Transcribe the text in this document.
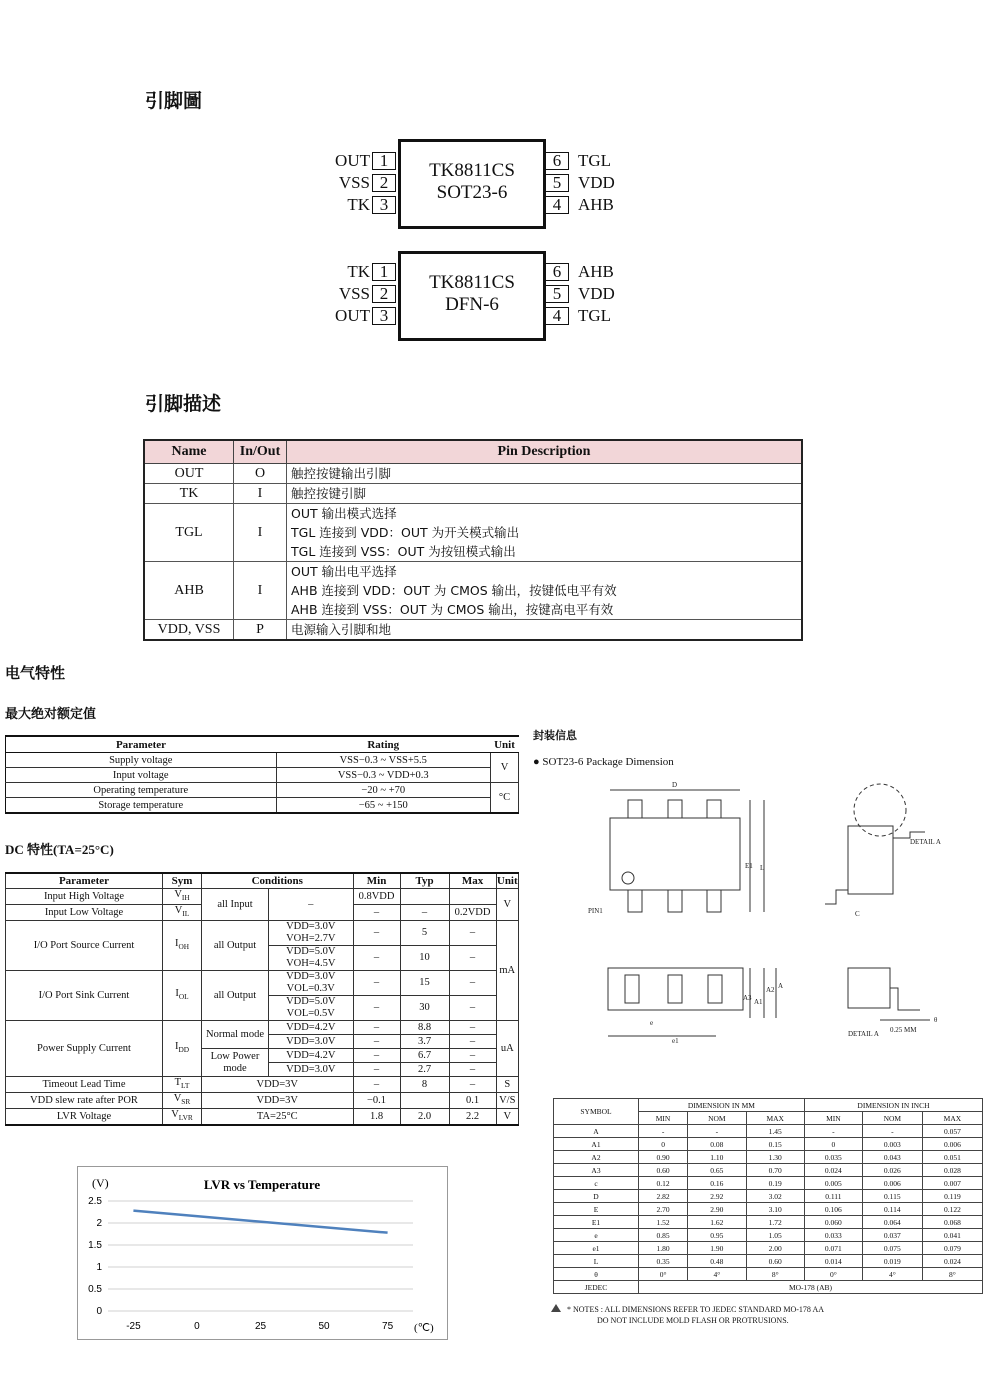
引脚圖
引脚描述
电气特性
最大绝对额定值
DC 特性(TA=25°C)
封装信息
● SOT23-6 Package Dimension
TK8811CS
SOT23-6
OUT
VSS
TK
1
2
3
6
5
4
TGL
VDD
AHB
TK8811CS
DFN-6
TK
VSS
OUT
1
2
3
6
5
4
AHB
VDD
TGL
Name	In/Out	Pin Description
OUT	O	触控按键输出引脚
TK	I	触控按键引脚
TGL	I	OUT 输出模式选择
TGL 连接到 VDD：OUT 为开关模式输出
TGL 连接到 VSS：OUT 为按钮模式输出

AHB	I	OUT 输出电平选择
AHB 连接到 VDD：OUT 为 CMOS 输出，按键低电平有效
AHB 连接到 VSS：OUT 为 CMOS 输出，按键高电平有效

VDD, VSS	P	电源输入引脚和地
Parameter	Rating	Unit
Supply voltage	VSS−0.3 ~ VSS+5.5	V
Input voltage	VSS−0.3 ~ VDD+0.3	
Operating temperature	−20 ~ +70	°C
Storage temperature	−65 ~ +150	
Parameter	Sym	Conditions		Min	Typ	Max	Unit
Input High Voltage	$V_{IH}$	all Input	–	0.8VDD			V
Input Low Voltage	$V_{IL}$			–	–	0.2VDD	
I/O Port Source Current	$I_{OH}$	all Output	VDD=3.0V
VOH=2.7V	–	5	–	mA

			VDD=5.0V
VOH=4.5V	–	10	–	
I/O Port Sink Current	$I_{OL}$	all Output	VDD=3.0V
VOL=0.3V	–	15	–	

			VDD=5.0V
VOL=0.5V	–	30	–	
Power Supply Current	$I_{DD}$	Normal mode	VDD=4.2V	–	8.8	–	uA
			VDD=3.0V	–	3.7	–	
		Low Power mode	VDD=4.2V	–	6.7	–	
			VDD=3.0V	–	2.7	–	
Timeout Lead Time	$T_{LT}$	VDD=3V		–	8	–	S
VDD slew rate after POR	$V_{SR}$	VDD=3V		−0.1		0.1	V/S
LVR Voltage	$V_{LVR}$	TA=25°C		1.8	2.0	2.2	V
(V)	LVR vs Temperature
0
0.5
1
1.5
2
2.5
-25	0	25	50	75 (℃)
D
E1 L
PIN1
DETAIL A
C
A
A1
A2
A3
e
e1
DETAIL A 0.25 MM
θ
SYMBOL	DIMENSION IN MM			DIMENSION IN INCH		
	MIN	NOM	MAX	MIN	NOM	MAX
A	-	-	1.45	-	-	0.057
A1	0	0.08	0.15	0	0.003	0.006
A2	0.90	1.10	1.30	0.035	0.043	0.051
A3	0.60	0.65	0.70	0.024	0.026	0.028
c	0.12	0.16	0.19	0.005	0.006	0.007
D	2.82	2.92	3.02	0.111	0.115	0.119
E	2.70	2.90	3.10	0.106	0.114	0.122
E1	1.52	1.62	1.72	0.060	0.064	0.068
e	0.85	0.95	1.05	0.033	0.037	0.041
e1	1.80	1.90	2.00	0.071	0.075	0.079
L	0.35	0.48	0.60	0.014	0.019	0.024
θ	0°	4°	8°	0°	4°	8°
JEDEC	MO-178 (AB)					
* NOTES : ALL DIMENSIONS REFER TO JEDEC STANDARD MO-178 AA
DO NOT INCLUDE MOLD FLASH OR PROTRUSIONS.
